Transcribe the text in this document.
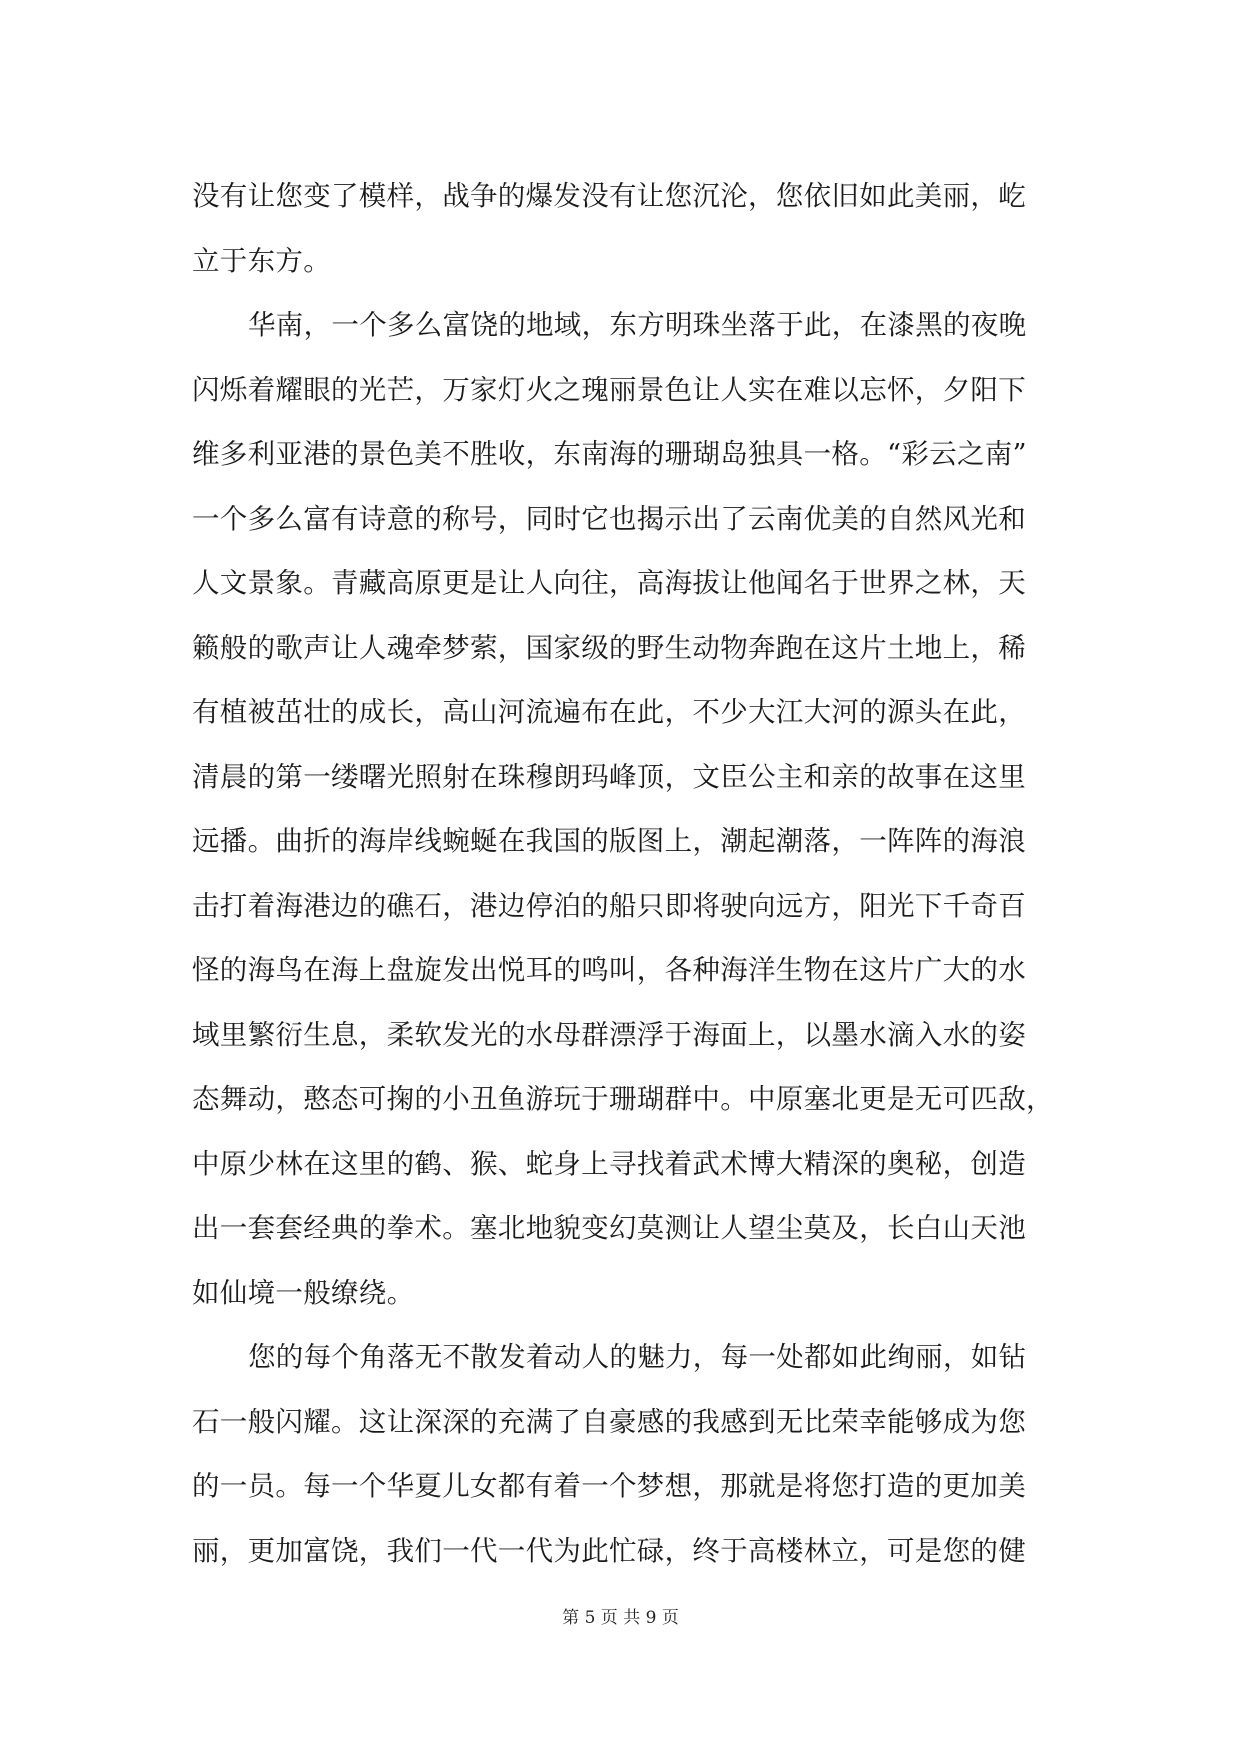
没有让您变了模样，战争的爆发没有让您沉沦，您依旧如此美丽，屹
立于东方。
华南，一个多么富饶的地域，东方明珠坐落于此，在漆黑的夜晚
闪烁着耀眼的光芒，万家灯火之瑰丽景色让人实在难以忘怀，夕阳下
维多利亚港的景色美不胜收，东南海的珊瑚岛独具一格。“彩云之南”
一个多么富有诗意的称号，同时它也揭示出了云南优美的自然风光和
人文景象。青藏高原更是让人向往，高海拔让他闻名于世界之林，天
籁般的歌声让人魂牵梦萦，国家级的野生动物奔跑在这片土地上，稀
有植被茁壮的成长，高山河流遍布在此，不少大江大河的源头在此，
清晨的第一缕曙光照射在珠穆朗玛峰顶，文臣公主和亲的故事在这里
远播。曲折的海岸线蜿蜒在我国的版图上，潮起潮落，一阵阵的海浪
击打着海港边的礁石，港边停泊的船只即将驶向远方，阳光下千奇百
怪的海鸟在海上盘旋发出悦耳的鸣叫，各种海洋生物在这片广大的水
域里繁衍生息，柔软发光的水母群漂浮于海面上，以墨水滴入水的姿
态舞动，憨态可掬的小丑鱼游玩于珊瑚群中。中原塞北更是无可匹敌，
中原少林在这里的鹤、猴、蛇身上寻找着武术博大精深的奥秘，创造
出一套套经典的拳术。塞北地貌变幻莫测让人望尘莫及，长白山天池
如仙境一般缭绕。
您的每个角落无不散发着动人的魅力，每一处都如此绚丽，如钻
石一般闪耀。这让深深的充满了自豪感的我感到无比荣幸能够成为您
的一员。每一个华夏儿女都有着一个梦想，那就是将您打造的更加美
丽，更加富饶，我们一代一代为此忙碌，终于高楼林立，可是您的健
第 5 页 共 9 页
